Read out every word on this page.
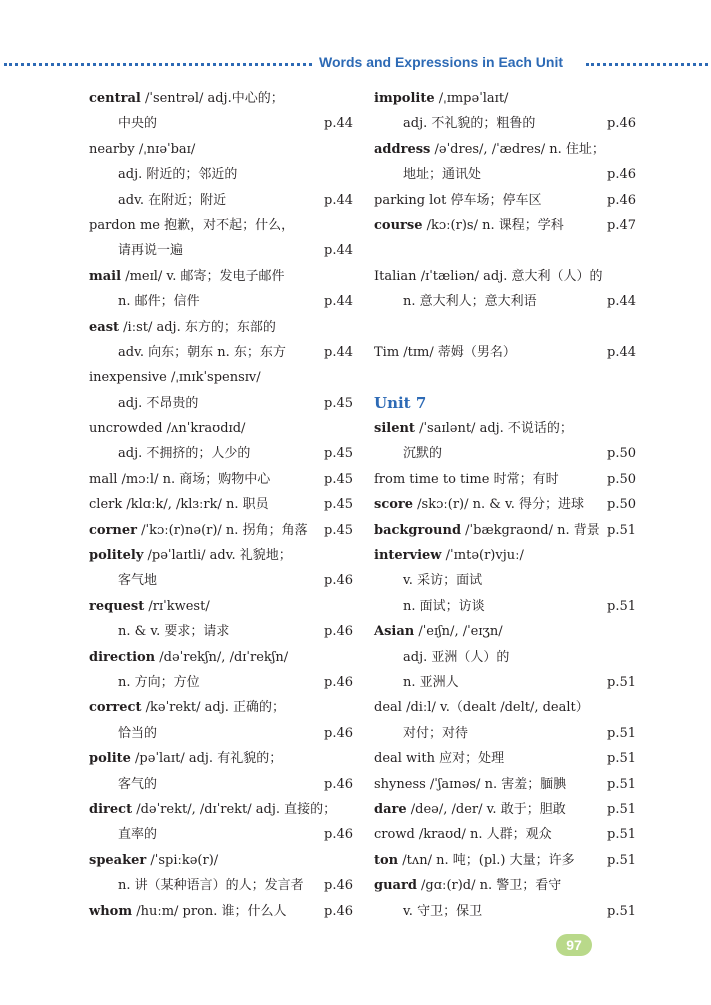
Words and Expressions in Each Unit
central /ˈsentrəl/ adj.中心的；
中央的	p.44
nearby /ˌnɪəˈbaɪ/
adj. 附近的；邻近的
adv. 在附近；附近	p.44
pardon me 抱歉，对不起；什么，
请再说一遍	p.44
mail /meɪl/ v. 邮寄；发电子邮件
n. 邮件；信件	p.44
east /iːst/ adj. 东方的；东部的
adv. 向东；朝东 n. 东；东方	p.44
inexpensive /ˌɪnɪkˈspensɪv/
adj. 不昂贵的	p.45
uncrowded /ʌnˈkraʊdɪd/
adj. 不拥挤的；人少的	p.45
mall /mɔːl/ n. 商场；购物中心	p.45
clerk /klɑːk/, /klɜːrk/ n. 职员	p.45
corner /ˈkɔː(r)nə(r)/ n. 拐角；角落 p.45
politely /pəˈlaɪtli/ adv. 礼貌地；
客气地	p.46
request /rɪˈkwest/
n. & v. 要求；请求	p.46
direction /dəˈrekʃn/, /dɪˈrekʃn/
n. 方向；方位	p.46
correct /kəˈrekt/ adj. 正确的；
恰当的	p.46
polite /pəˈlaɪt/ adj. 有礼貌的；
客气的	p.46
direct /dəˈrekt/, /dɪˈrekt/ adj. 直接的；
直率的	p.46
speaker /ˈspiːkə(r)/
n. 讲（某种语言）的人；发言者 p.46
whom /huːm/ pron. 谁；什么人	p.46
impolite /ˌɪmpəˈlaɪt/
adj. 不礼貌的；粗鲁的	p.46
address /əˈdres/, /ˈædres/ n. 住址；
地址；通讯处	p.46
parking lot 停车场；停车区	p.46
course /kɔː(r)s/ n. 课程；学科	p.47
Italian /ɪˈtæliən/ adj. 意大利（人）的
n. 意大利人；意大利语	p.44
Tim /tɪm/ 蒂姆（男名）	p.44
Unit 7
silent /ˈsaɪlənt/ adj. 不说话的；
沉默的	p.50
from time to time 时常；有时	p.50
score /skɔː(r)/ n. & v. 得分；进球 p.50
background /ˈbækgraʊnd/ n. 背景 p.51
interview /ˈɪntə(r)vjuː/
v. 采访；面试
n. 面试；访谈	p.51
Asian /ˈeɪʃn/, /ˈeɪʒn/
adj. 亚洲（人）的
n. 亚洲人	p.51
deal /diːl/ v.（dealt /delt/, dealt）
对付；对待	p.51
deal with 应对；处理	p.51
shyness /ˈʃaɪnəs/ n. 害羞；腼腆	p.51
dare /deə/, /der/ v. 敢于；胆敢	p.51
crowd /kraʊd/ n. 人群；观众	p.51
ton /tʌn/ n. 吨；(pl.) 大量；许多 p.51
guard /gɑː(r)d/ n. 警卫；看守
v. 守卫；保卫	p.51
97
